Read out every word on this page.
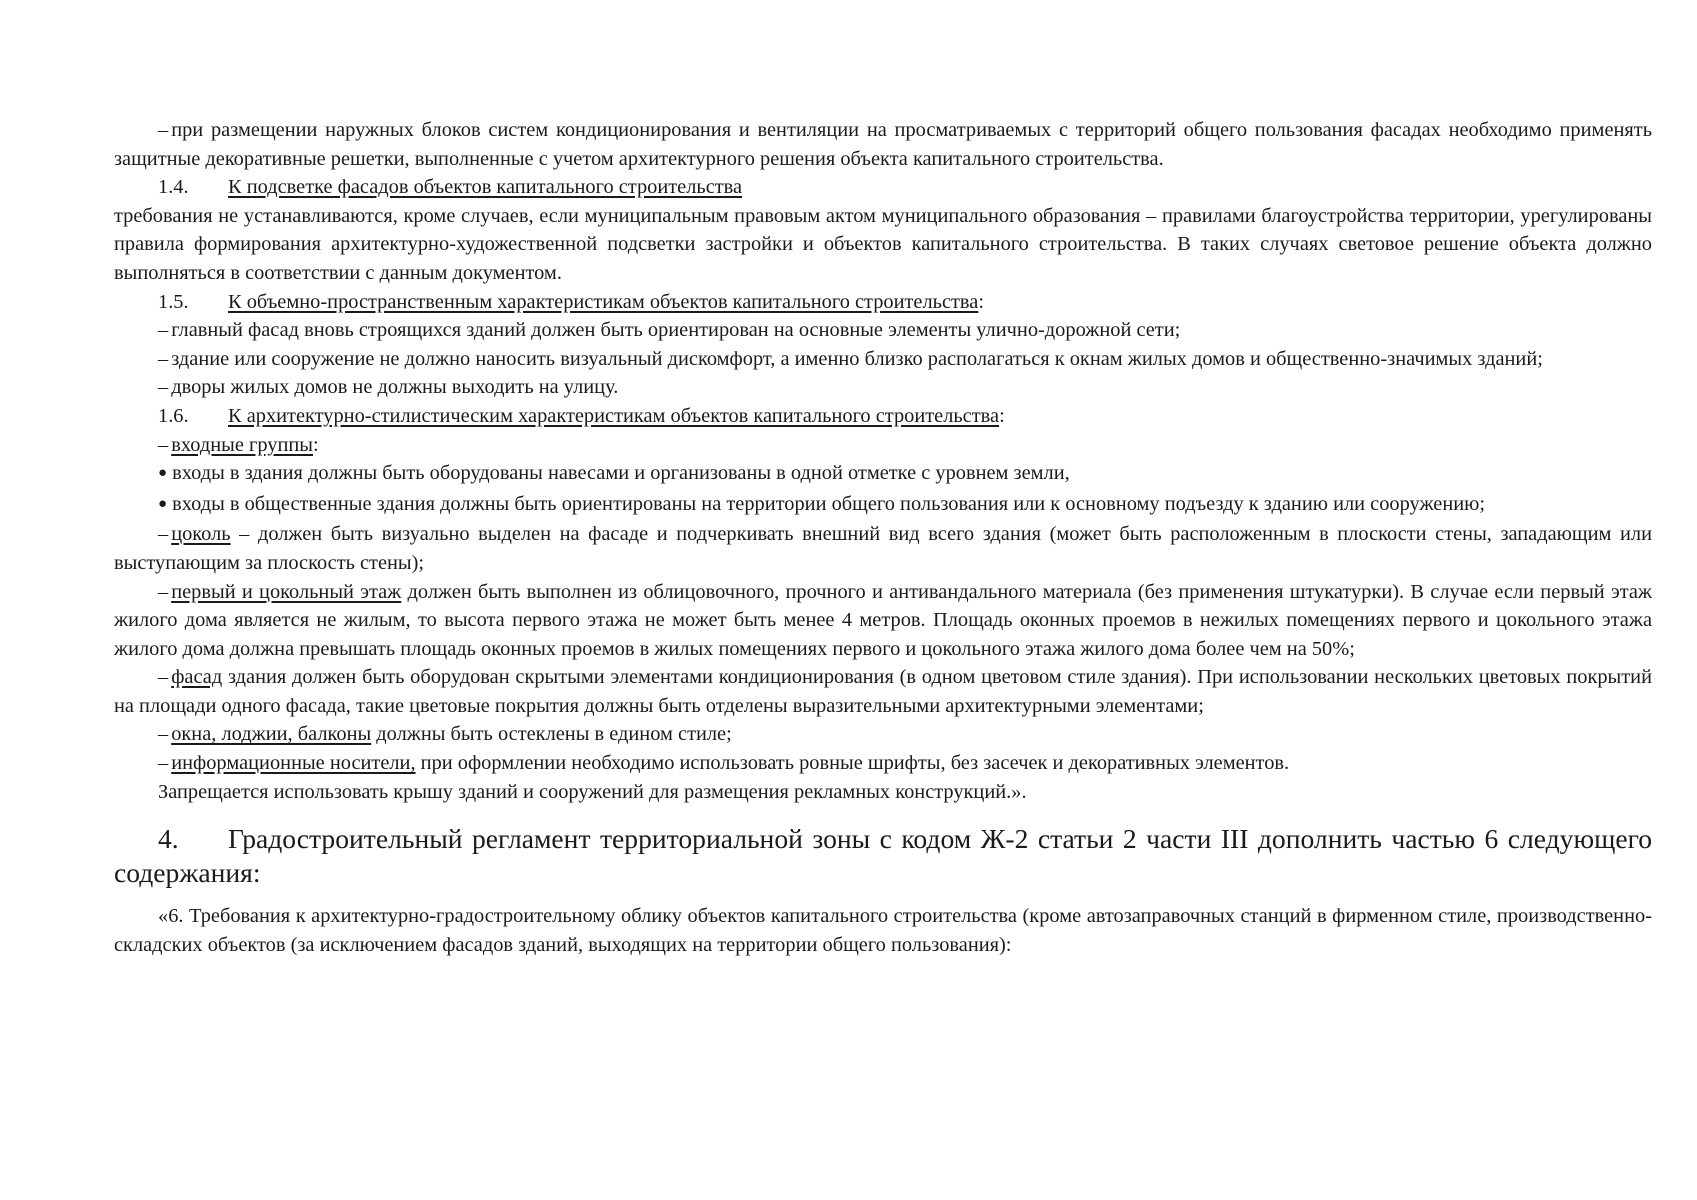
– при размещении наружных блоков систем кондиционирования и вентиляции на просматриваемых с территорий общего пользования фасадах необходимо применять защитные декоративные решетки, выполненные с учетом архитектурного решения объекта капитального строительства.

1.4. К подсветке фасадов объектов капитального строительства

требования не устанавливаются, кроме случаев, если муниципальным правовым актом муниципального образования – правилами благоустройства территории, урегулированы правила формирования архитектурно-художественной подсветки застройки и объектов капитального строительства. В таких случаях световое решение объекта должно выполняться в соответствии с данным документом.

1.5. К объемно-пространственным характеристикам объектов капитального строительства:

– главный фасад вновь строящихся зданий должен быть ориентирован на основные элементы улично-дорожной сети;

– здание или сооружение не должно наносить визуальный дискомфорт, а именно близко располагаться к окнам жилых домов и общественно-значимых зданий;

– дворы жилых домов не должны выходить на улицу.

1.6. К архитектурно-стилистическим характеристикам объектов капитального строительства:

– входные группы:

● входы в здания должны быть оборудованы навесами и организованы в одной отметке с уровнем земли,

● входы в общественные здания должны быть ориентированы на территории общего пользования или к основному подъезду к зданию или сооружению;

– цоколь – должен быть визуально выделен на фасаде и подчеркивать внешний вид всего здания (может быть расположенным в плоскости стены, западающим или выступающим за плоскость стены);

– первый и цокольный этаж должен быть выполнен из облицовочного, прочного и антивандального материала (без применения штукатурки). В случае если первый этаж жилого дома является не жилым, то высота первого этажа не может быть менее 4 метров. Площадь оконных проемов в нежилых помещениях первого и цокольного этажа жилого дома должна превышать площадь оконных проемов в жилых помещениях первого и цокольного этажа жилого дома более чем на 50%;

– фасад здания должен быть оборудован скрытыми элементами кондиционирования (в одном цветовом стиле здания). При использовании нескольких цветовых покрытий на площади одного фасада, такие цветовые покрытия должны быть отделены выразительными архитектурными элементами;

– окна, лоджии, балконы должны быть остеклены в едином стиле;

– информационные носители, при оформлении необходимо использовать ровные шрифты, без засечек и декоративных элементов.

Запрещается использовать крышу зданий и сооружений для размещения рекламных конструкций.».

4. Градостроительный регламент территориальной зоны с кодом Ж-2 статьи 2 части III дополнить частью 6 следующего содержания:

«6. Требования к архитектурно-градостроительному облику объектов капитального строительства (кроме автозаправочных станций в фирменном стиле, производственно-складских объектов (за исключением фасадов зданий, выходящих на территории общего пользования):
